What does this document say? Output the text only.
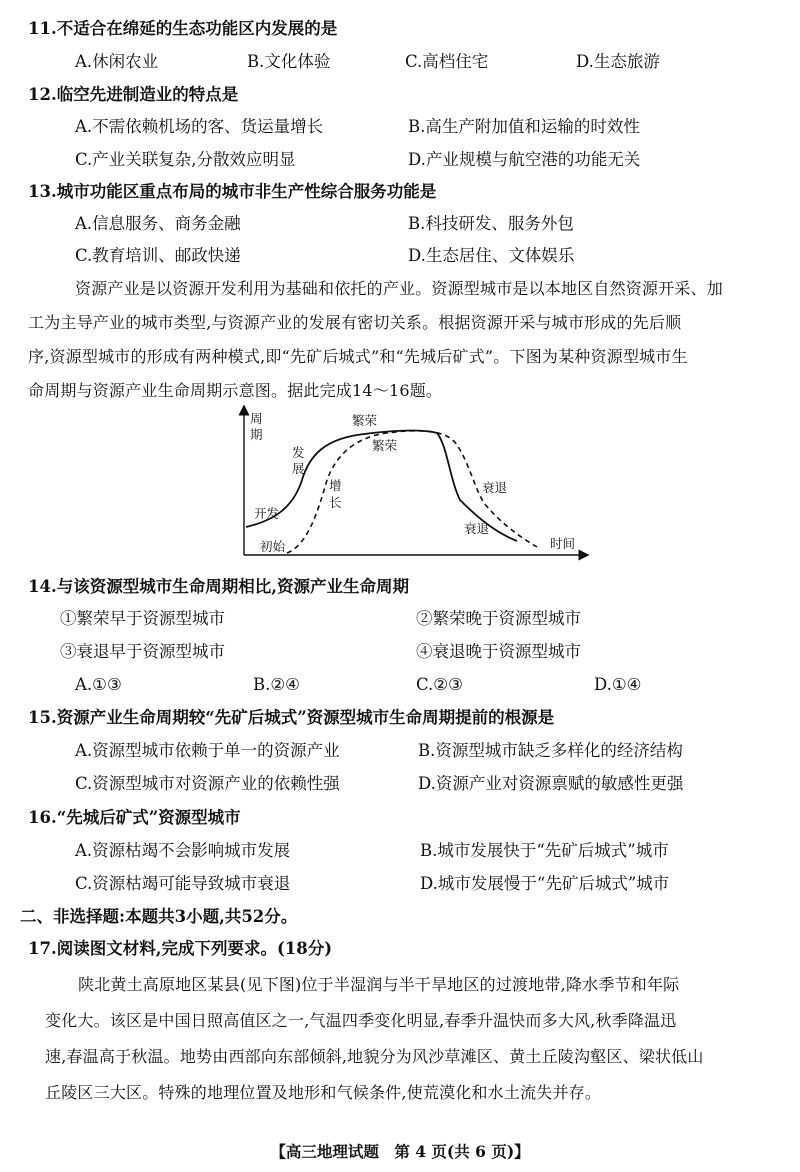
11.不适合在绵延的生态功能区内发展的是
A.休闲农业	B.文化体验	C.高档住宅	D.生态旅游
12.临空先进制造业的特点是
A.不需依赖机场的客、货运量增长	B.高生产附加值和运输的时效性
C.产业关联复杂,分散效应明显	D.产业规模与航空港的功能无关
13.城市功能区重点布局的城市非生产性综合服务功能是
A.信息服务、商务金融	B.科技研发、服务外包
C.教育培训、邮政快递	D.生态居住、文体娱乐
资源产业是以资源开发利用为基础和依托的产业。资源型城市是以本地区自然资源开采、加
工为主导产业的城市类型,与资源产业的发展有密切关系。根据资源开采与城市形成的先后顺
序,资源型城市的形成有两种模式,即“先矿后城式”和“先城后矿式”。下图为某种资源型城市生
命周期与资源产业生命周期示意图。据此完成14～16题。
周
期
时间
开发
初始
发
展
增
长
繁荣
繁荣
衰退
衰退
14.与该资源型城市生命周期相比,资源产业生命周期
①繁荣早于资源型城市	②繁荣晚于资源型城市
③衰退早于资源型城市	④衰退晚于资源型城市
A.①③	B.②④	C.②③	D.①④
15.资源产业生命周期较“先矿后城式”资源型城市生命周期提前的根源是
A.资源型城市依赖于单一的资源产业	B.资源型城市缺乏多样化的经济结构
C.资源型城市对资源产业的依赖性强	D.资源产业对资源禀赋的敏感性更强
16.“先城后矿式”资源型城市
A.资源枯竭不会影响城市发展	B.城市发展快于“先矿后城式”城市
C.资源枯竭可能导致城市衰退	D.城市发展慢于“先矿后城式”城市
二、非选择题:本题共3小题,共52分。
17.阅读图文材料,完成下列要求。(18分)
陕北黄土高原地区某县(见下图)位于半湿润与半干旱地区的过渡地带,降水季节和年际
变化大。该区是中国日照高值区之一,气温四季变化明显,春季升温快而多大风,秋季降温迅
速,春温高于秋温。地势由西部向东部倾斜,地貌分为风沙草滩区、黄土丘陵沟壑区、梁状低山
丘陵区三大区。特殊的地理位置及地形和气候条件,使荒漠化和水土流失并存。
【高三地理试题　第 4 页(共 6 页)】
